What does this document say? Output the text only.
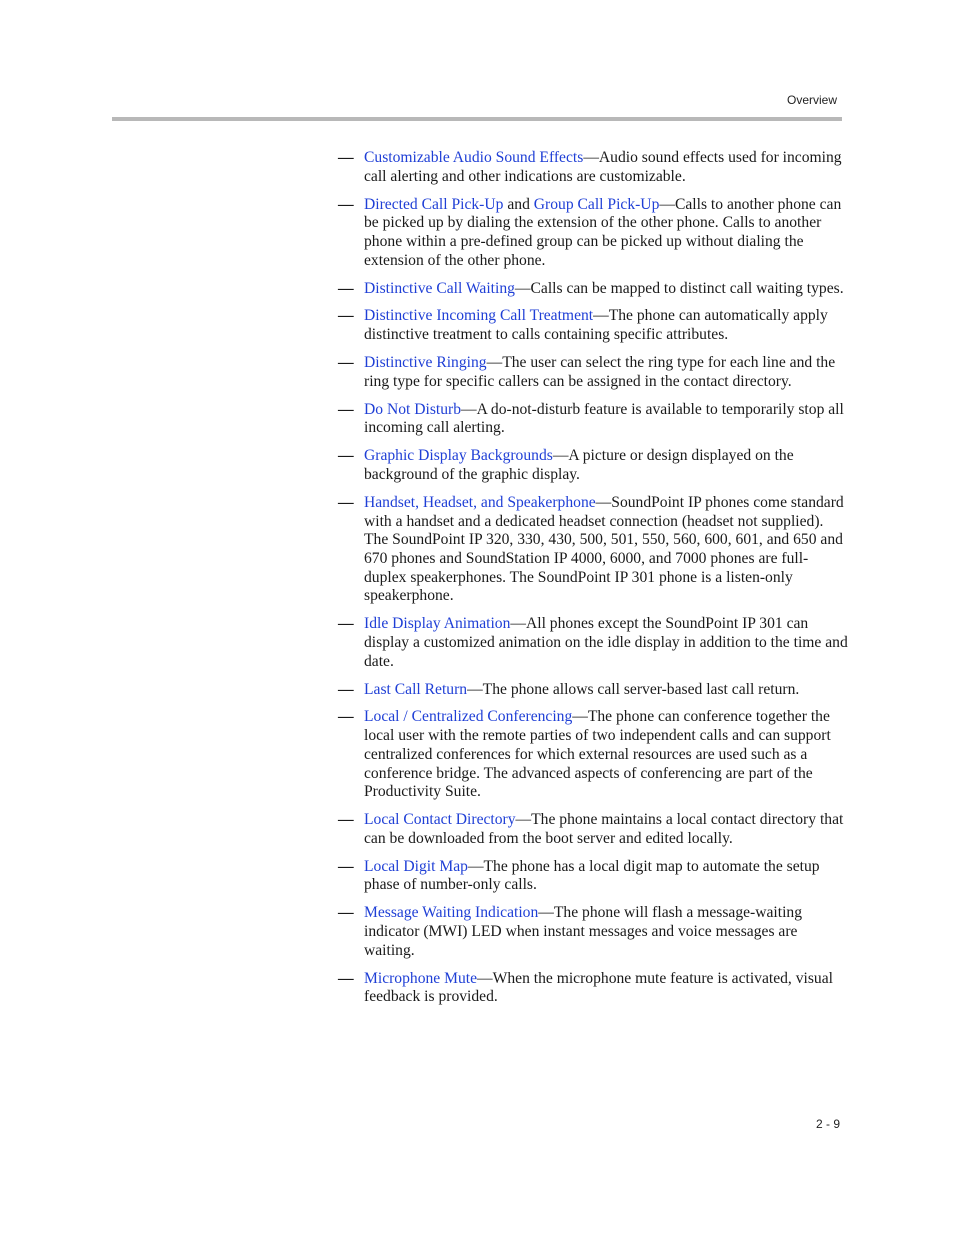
Overview
— Customizable Audio Sound Effects—Audio sound effects used for incoming call alerting and other indications are customizable.
— Directed Call Pick-Up and Group Call Pick-Up—Calls to another phone can be picked up by dialing the extension of the other phone. Calls to another phone within a pre-defined group can be picked up without dialing the extension of the other phone.
— Distinctive Call Waiting—Calls can be mapped to distinct call waiting types.
— Distinctive Incoming Call Treatment—The phone can automatically apply distinctive treatment to calls containing specific attributes.
— Distinctive Ringing—The user can select the ring type for each line and the ring type for specific callers can be assigned in the contact directory.
— Do Not Disturb—A do-not-disturb feature is available to temporarily stop all incoming call alerting.
— Graphic Display Backgrounds—A picture or design displayed on the background of the graphic display.
— Handset, Headset, and Speakerphone—SoundPoint IP phones come standard with a handset and a dedicated headset connection (headset not supplied). The SoundPoint IP 320, 330, 430, 500, 501, 550, 560, 600, 601, and 650 and 670 phones and SoundStation IP 4000, 6000, and 7000 phones are full-duplex speakerphones. The SoundPoint IP 301 phone is a listen-only speakerphone.
— Idle Display Animation—All phones except the SoundPoint IP 301 can display a customized animation on the idle display in addition to the time and date.
— Last Call Return—The phone allows call server-based last call return.
— Local / Centralized Conferencing—The phone can conference together the local user with the remote parties of two independent calls and can support centralized conferences for which external resources are used such as a conference bridge. The advanced aspects of conferencing are part of the Productivity Suite.
— Local Contact Directory—The phone maintains a local contact directory that can be downloaded from the boot server and edited locally.
— Local Digit Map—The phone has a local digit map to automate the setup phase of number-only calls.
— Message Waiting Indication—The phone will flash a message-waiting indicator (MWI) LED when instant messages and voice messages are waiting.
— Microphone Mute—When the microphone mute feature is activated, visual feedback is provided.
2 - 9
